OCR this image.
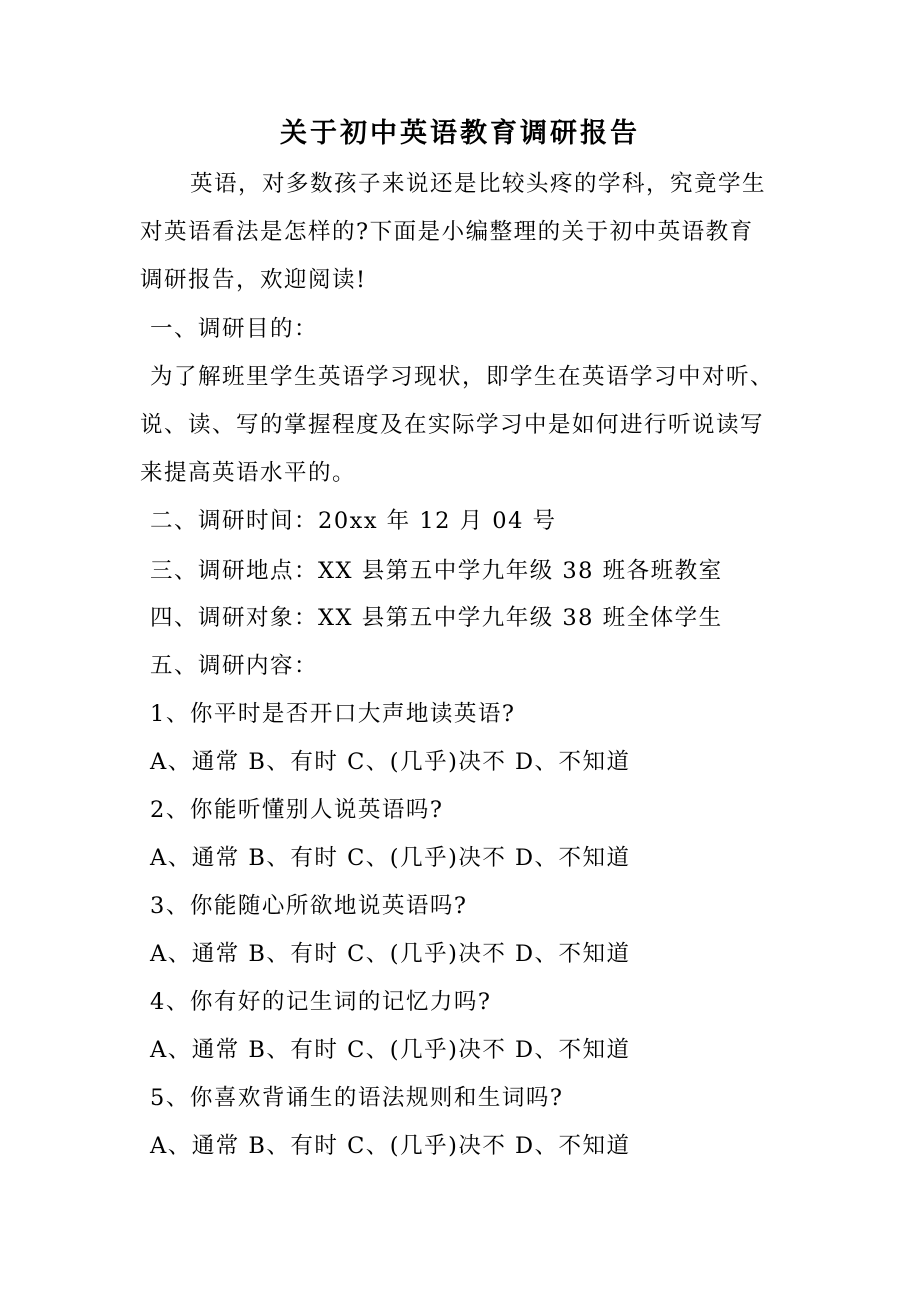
关于初中英语教育调研报告
英语，对多数孩子来说还是比较头疼的学科，究竟学生
对英语看法是怎样的?下面是小编整理的关于初中英语教育
调研报告，欢迎阅读!
一、调研目的：
为了解班里学生英语学习现状，即学生在英语学习中对听、
说、读、写的掌握程度及在实际学习中是如何进行听说读写
来提高英语水平的。
二、调研时间：20xx 年 12 月 04 号
三、调研地点：XX 县第五中学九年级 38 班各班教室
四、调研对象：XX 县第五中学九年级 38 班全体学生
五、调研内容：
1、你平时是否开口大声地读英语?
A、通常 B、有时 C、(几乎)决不 D、不知道
2、你能听懂别人说英语吗?
A、通常 B、有时 C、(几乎)决不 D、不知道
3、你能随心所欲地说英语吗?
A、通常 B、有时 C、(几乎)决不 D、不知道
4、你有好的记生词的记忆力吗?
A、通常 B、有时 C、(几乎)决不 D、不知道
5、你喜欢背诵生的语法规则和生词吗?
A、通常 B、有时 C、(几乎)决不 D、不知道
